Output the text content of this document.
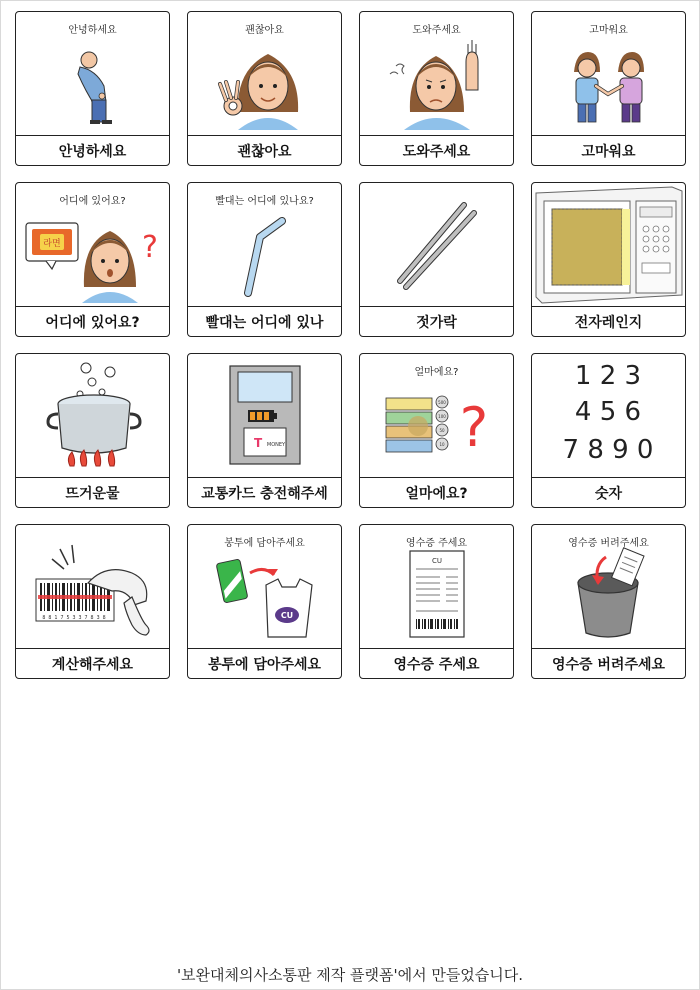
안녕하세요
안녕하세요
괜찮아요
괜찮아요
도와주세요
도와주세요
고마워요
고마워요
어디에 있어요?
라면	?
어디에 있어요?
빨대는 어디에 있나요?
빨대는 어디에 있나	젓가락	전자레인지
뜨거운물
T MONEY
교통카드 충전해주세
얼마에요?
500
100
50
10 ?
얼마에요?
1 2 3
4 5 6
7 8 9 0
숫자
8 8 1 7 5 3 3 7 8 3 8
계산해주세요
봉투에 담아주세요
CU
봉투에 담아주세요
영수증 주세요
CU
영수증 주세요
영수증 버려주세요
영수증 버려주세요
'보완대체의사소통판 제작 플랫폼'에서 만들었습니다.
